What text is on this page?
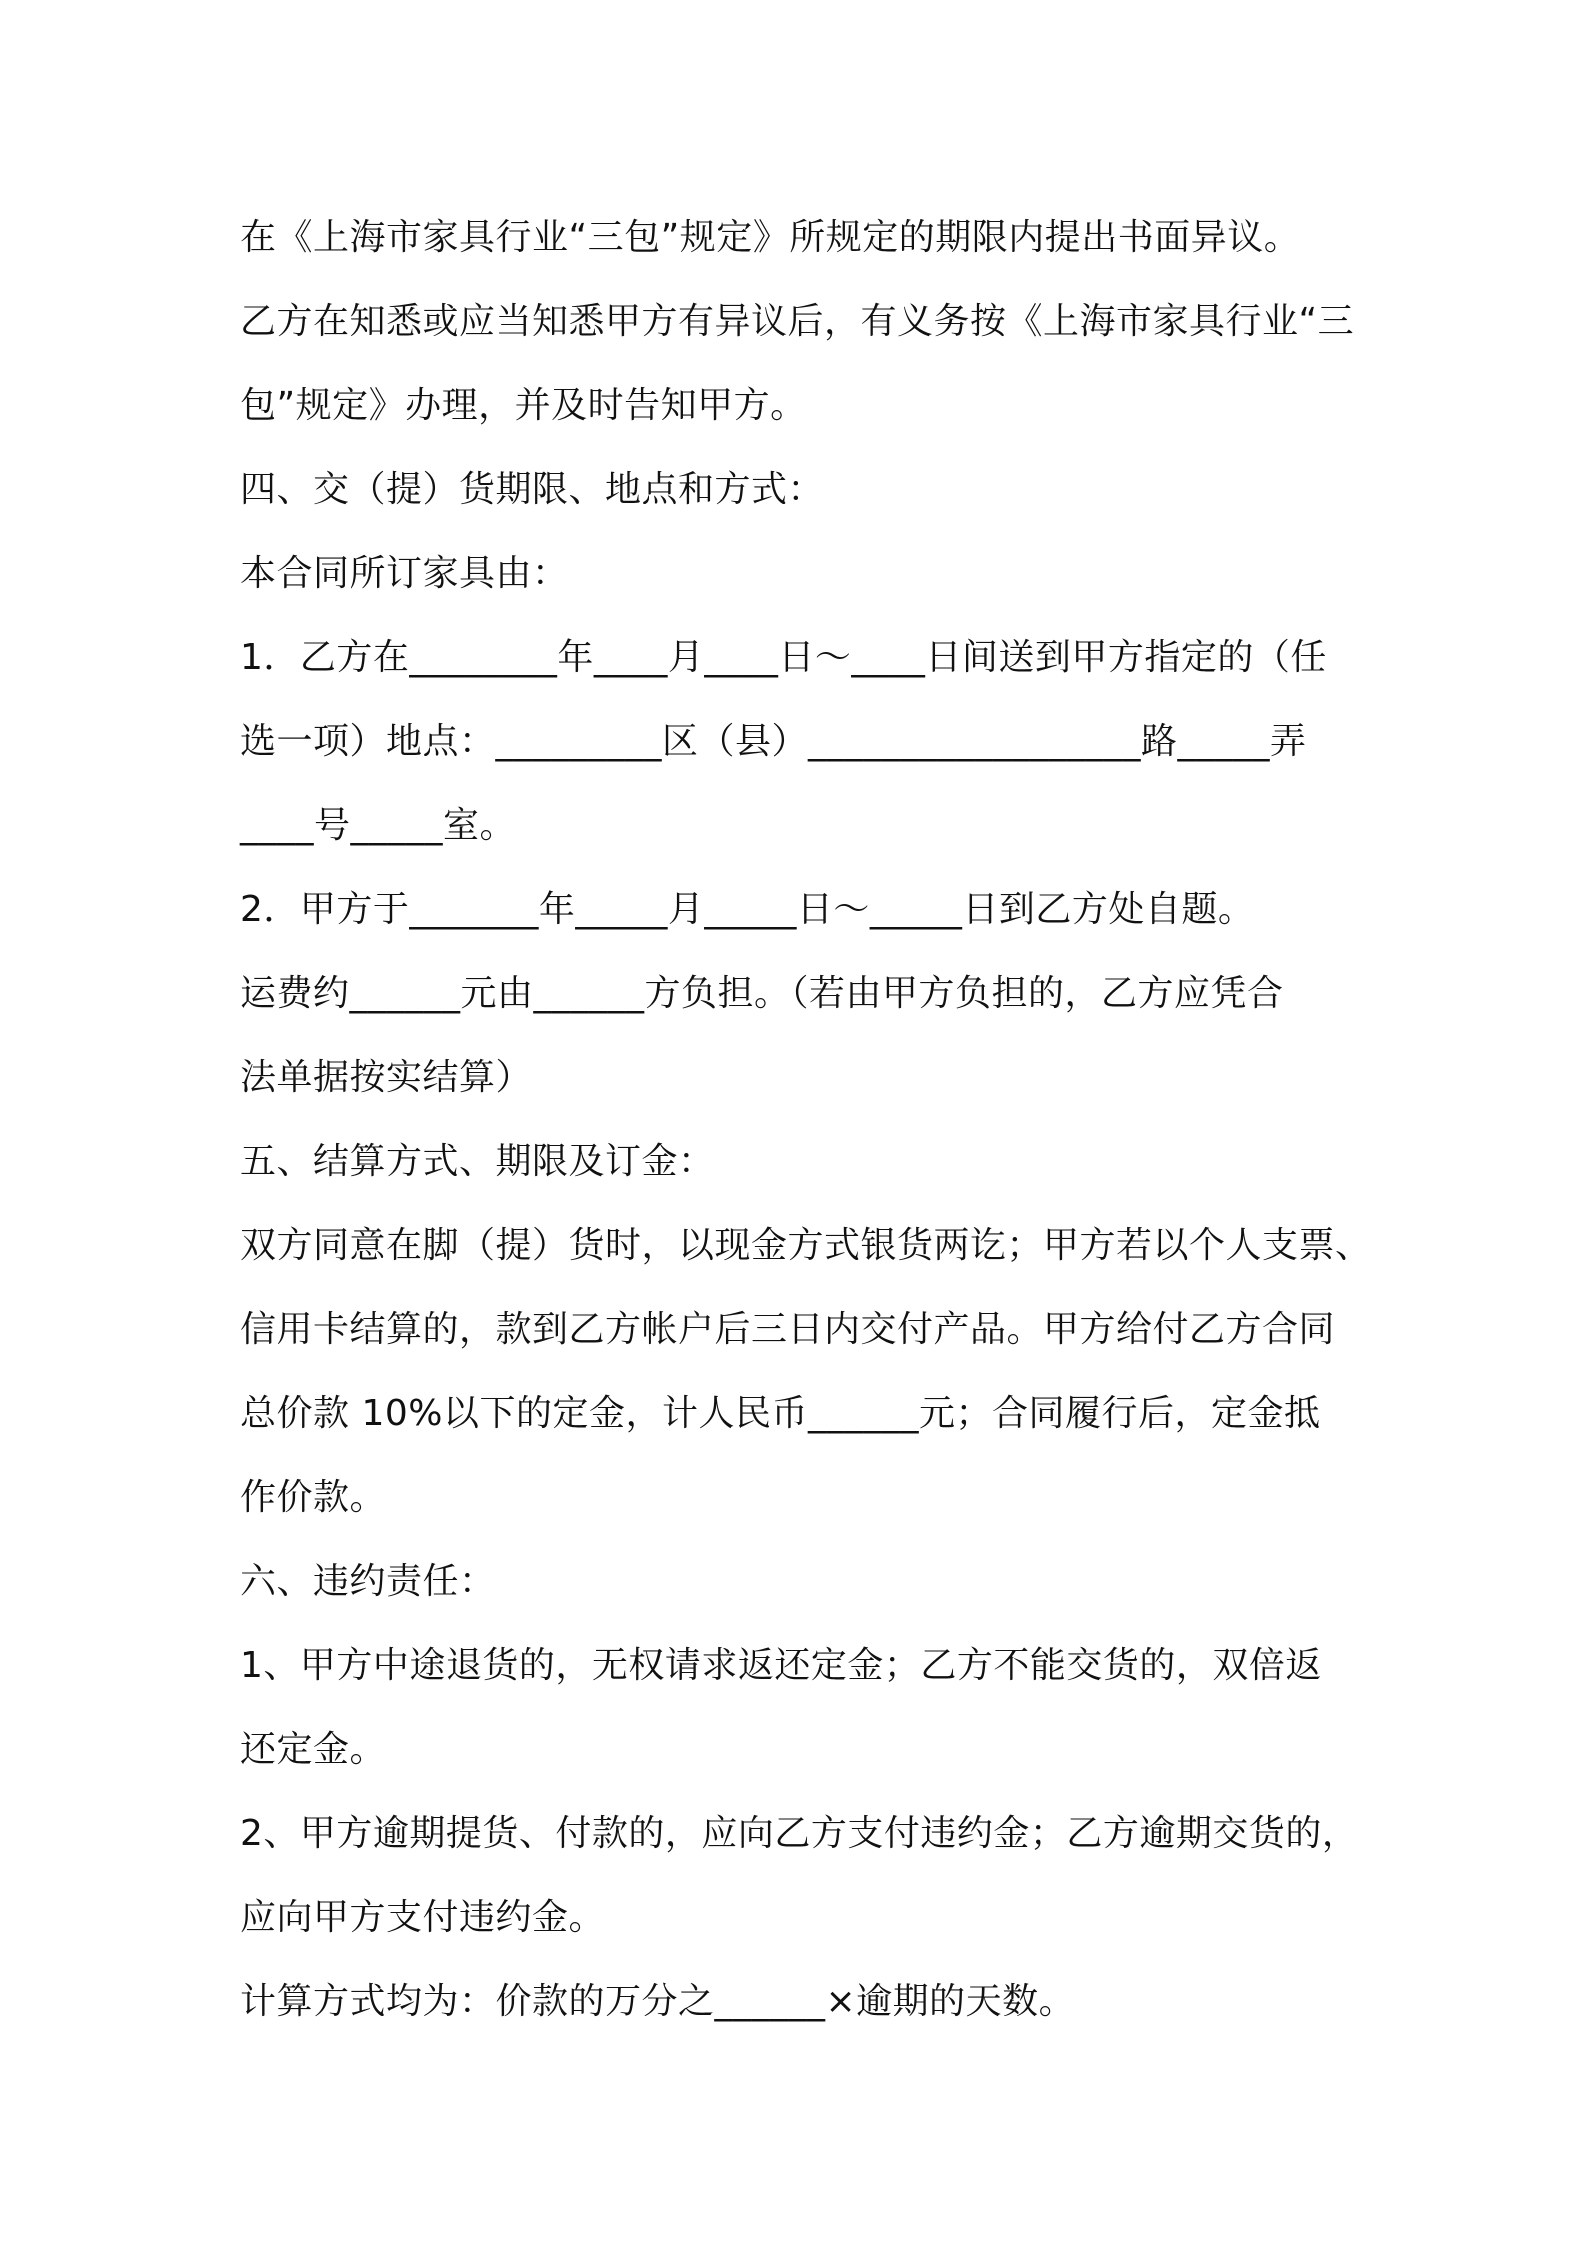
在《上海市家具行业“三包”规定》所规定的期限内提出书面异议。
乙方在知悉或应当知悉甲方有异议后，有义务按《上海市家具行业“三
包”规定》办理，并及时告知甲方。
四、交（提）货期限、地点和方式：
本合同所订家具由：
1．乙方在________年____月____日～____日间送到甲方指定的（任
选一项）地点：_________区（县）__________________路_____弄
____号_____室。
2．甲方于_______年_____月_____日～_____日到乙方处自题。
运费约______元由______方负担。（若由甲方负担的，乙方应凭合
法单据按实结算）
五、结算方式、期限及订金：
双方同意在脚（提）货时，以现金方式银货两讫；甲方若以个人支票、
信用卡结算的，款到乙方帐户后三日内交付产品。甲方给付乙方合同
总价款 10%以下的定金，计人民币______元；合同履行后，定金抵
作价款。
六、违约责任：
1、甲方中途退货的，无权请求返还定金；乙方不能交货的，双倍返
还定金。
2、甲方逾期提货、付款的，应向乙方支付违约金；乙方逾期交货的，
应向甲方支付违约金。
计算方式均为：价款的万分之______×逾期的天数。
